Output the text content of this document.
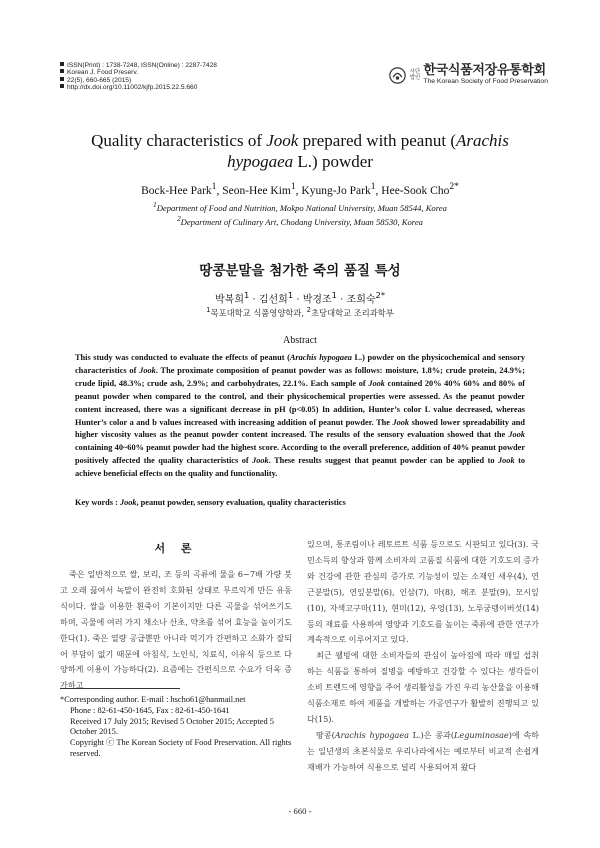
ISSN(Print) : 1738-7248, ISSN(Online) : 2287-7428
Korean J. Food Preserv.
22(5), 660-665 (2015)
http://dx.doi.org/10.11002/kjfp.2015.22.5.660
사단
법인 한국식품저장유통학회
The Korean Society of Food Preservation
Quality characteristics of Jook prepared with peanut (Arachis hypogaea L.) powder
Bock-Hee Park$^1$, Seon-Hee Kim$^1$, Kyung-Jo Park$^1$, Hee-Sook Cho$^{2*}$
$^1$Department of Food and Nutrition, Mokpo National University, Muan 58544, Korea
$^2$Department of Culinary Art, Chodang University, Muan 58530, Korea
땅콩분말을 첨가한 죽의 품질 특성
박복희$^1$ · 김선희$^1$ · 박경조$^1$ · 조희숙$^{2*}$
$^1$목포대학교 식품영양학과, $^2$초당대학교 조리과학부
Abstract
This study was conducted to evaluate the effects of peanut (Arachis hypogaea L.) powder on the physicochemical and sensory characteristics of Jook. The proximate composition of peanut powder was as follows: moisture, 1.8%; crude protein, 24.9%; crude lipid, 48.3%; crude ash, 2.9%; and carbohydrates, 22.1%. Each sample of Jook contained 20% 40% 60% and 80% of peanut powder when compared to the control, and their physicochemical properties were assessed. As the peanut powder content increased, there was a significant decrease in pH (p<0.05) In addition, Hunter’s color L value decreased, whereas Hunter’s color a and b values increased with increasing addition of peanut powder. The Jook showed lower spreadability and higher viscosity values as the peanut powder content increased. The results of the sensory evaluation showed that the Jook containing 40~60% peanut powder had the highest score. According to the overall preference, addition of 40% peanut powder positively affected the quality characteristics of Jook. These results suggest that peanut powder can be applied to Jook to achieve beneficial effects on the quality and functionality.
Key words : Jook, peanut powder, sensory evaluation, quality characteristics
서 론
죽은 일반적으로 쌀, 보리, 조 등의 곡류에 물을 6~7배 가량 붓고 오래 끓여서 녹말이 완전히 호화된 상태로 무르익게 만든 유동식이다. 쌀을 이용한 흰죽이 기본이지만 다른 곡물을 섞어쓰기도 하며, 곡물에 여러 가지 채소나 산초, 약초를 섞어 효능을 높이기도 한다(1). 죽은 열량 공급뿐만 아니라 먹기가 간편하고 소화가 잘되어 부담이 없기 때문에 아침식, 노인식, 치료식, 이유식 등으로 다양하게 이용이 가능하다(2). 요즘에는 간편식으로 수요가 더욱 증가하고

있으며, 통조림이나 레토르트 식품 등으로도 시판되고 있다(3). 국민소득의 향상과 함께 소비자의 고품질 식품에 대한 기호도의 증가와 건강에 관한 관심의 증가로 기능성이 있는 소재인 새우(4), 연근분말(5), 연잎분말(6), 인삼(7), 마(8), 해조 분말(9), 모시잎(10), 자색고구마(11), 현미(12), 우엉(13), 노루궁뎅이버섯(14) 등의 재료를 사용하여 영양과 기호도를 높이는 죽류에 관한 연구가 계속적으로 이루어지고 있다.

최근 웰빙에 대한 소비자들의 관심이 높아짐에 따라 매일 섭취하는 식품을 통하여 질병을 예방하고 건강할 수 있다는 생각들이 소비 트렌드에 영향을 주어 생리활성을 가진 우리 농산물을 이용해 식품소재로 하여 제품을 개발하는 가공연구가 활발히 진행되고 있다(15).

땅콩(Arachis hypogaea L.)은 콩과(Leguminosae)에 속하는 일년생의 초본식물로 우리나라에서는 예로부터 비교적 손쉽게 재배가 가능하여 식용으로 널리 사용되어져 왔다

*Corresponding author. E-mail : hscho61@hanmail.net
Phone : 82-61-450-1645, Fax : 82-61-450-1641
Received 17 July 2015; Revised 5 October 2015; Accepted 5 October 2015.
Copyright ⓒ The Korean Society of Food Preservation. All rights reserved.
- 660 -
